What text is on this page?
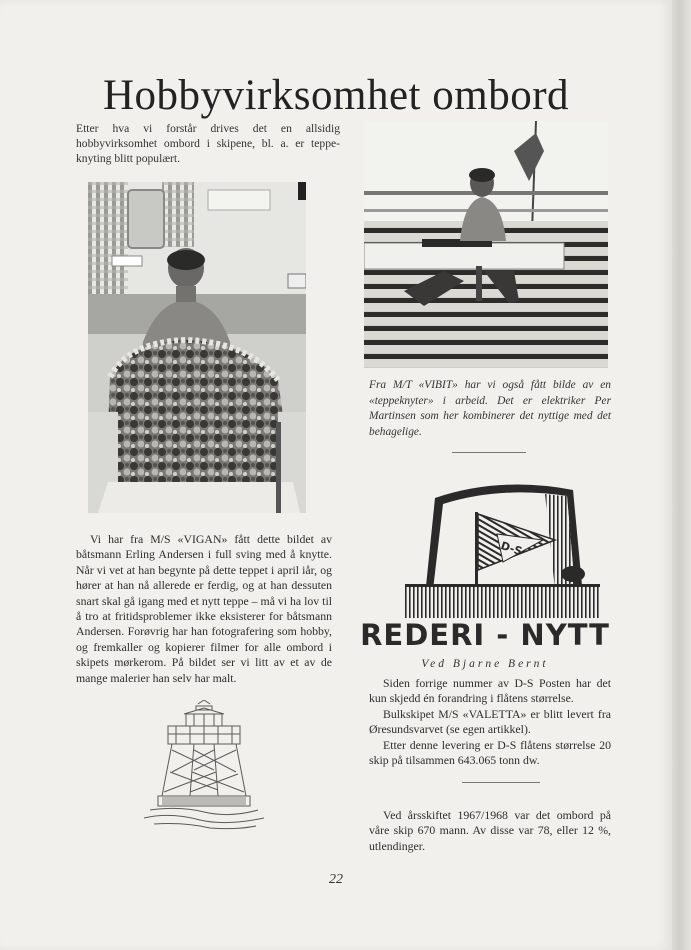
Hobbyvirksomhet ombord
Etter hva vi forstår drives det en allsidig hobbyvirksomhet ombord i skipene, bl. a. er teppe-knyting blitt populært.
Fra M/T «VIBIT» har vi også fått bilde av en «teppeknyter» i arbeid. Det er elektriker Per Martinsen som her kombinerer det nyttige med det behagelige.

Vi har fra M/S «VIGAN» fått dette bildet av båtsmann Erling Andersen i full sving med å knytte. Når vi vet at han begynte på dette teppet i april iår, og hører at han nå allerede er ferdig, og at han dessuten snart skal gå igang med et nytt teppe – må vi ha lov til å tro at fritidsproblemer ikke eksisterer for båtsmann Andersen. Forøvrig har han fotografering som hobby, og fremkaller og kopierer filmer for alle ombord i skipets mørkerom. På bildet ser vi litt av et av de mange malerier han selv har malt.

D-S
REDERI - NYTT
Ved Bjarne Bernt

Siden forrige nummer av D-S Posten har det kun skjedd én forandring i flåtens størrelse.

Bulkskipet M/S «VALETTA» er blitt levert fra Øresundsvarvet (se egen artikkel).

Etter denne levering er D-S flåtens størrelse 20 skip på tilsammen 643.065 tonn dw.

Ved årsskiftet 1967/1968 var det ombord på våre skip 670 mann. Av disse var 78, eller 12 %, utlendinger.

22
